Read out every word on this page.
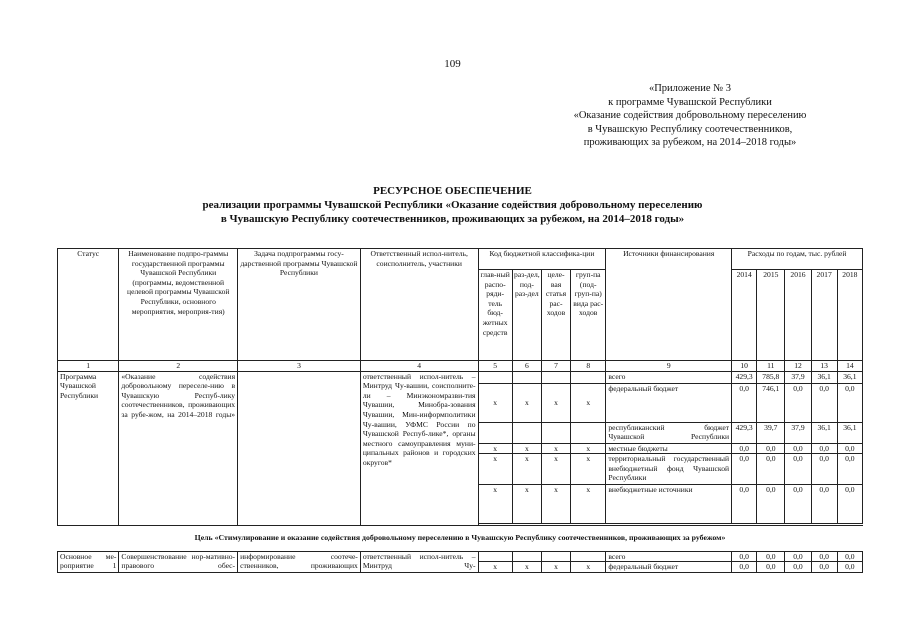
109
«Приложение № 3
к программе Чувашской Республики
«Оказание содействия добровольному переселению
в Чувашскую Республику соотечественников,
проживающих за рубежом, на 2014–2018 годы»
РЕСУРСНОЕ ОБЕСПЕЧЕНИЕ
реализации программы Чувашской Республики «Оказание содействия добровольному переселению
в Чувашскую Республику соотечественников, проживающих за рубежом, на 2014–2018 годы»
Статус	Наименование подпро-граммы государственной программы Чувашской Республики (программы, ведомственной целевой программы Чувашской Республики, основного мероприятия, мероприя-тия)	Задача подпрограммы госу-дарственной программы Чувашской Республики	Ответственный испол-нитель, соисполнитель, участники	Код бюджетной классифика-ции				Источники финансирования	Расходы по годам, тыс. рублей				
				глав-ный распо-ряди-тель бюд-жетных средств	раз-дел, под-раз-дел	целе-вая статья рас-ходов	груп-па (под-груп-па) вида рас-ходов		2014	2015	2016	2017	2018
1	2	3	4	5	6	7	8	9	10	11	12	13	14
Программа Чувашской Республики	«Оказание содействия добровольному переселе-нию в Чувашскую Респуб-лику соотечественников, проживающих за рубе-жом, на 2014–2018 годы»		ответственный испол-нитель – Минтруд Чу-вашии, соисполните-ли – Минэкономразви-тия Чувашии, Минобра-зования Чувашии, Мин-информполитики Чу-вашии, УФМС России по Чувашской Респуб-лике*, органы местного самоуправления муни-ципальных районов и городских округов*					всего	429,3	785,8	37,9	36,1	36,1
				х	х	х	х	федеральный бюджет	0,0	746,1	0,0	0,0	0,0
								республиканский бюджет Чувашской Республики	429,3	39,7	37,9	36,1	36,1
				х	х	х	х	местные бюджеты	0,0	0,0	0,0	0,0	0,0
				х	х	х	х	территориальный государственный внебюджетный фонд Чувашской Республики	0,0	0,0	0,0	0,0	0,0
				х	х	х	х	внебюджетные источники	0,0	0,0	0,0	0,0	0,0

Цель «Стимулирование и оказание содействия добровольному переселению в Чувашскую Республику соотечественников, проживающих за рубежом»													
Основное ме-роприятие 1	Совершенствование нор-мативно-правового обес-	информирование соотече-ственников, проживающих	ответственный испол-нитель – Минтруд Чу-					всего	0,0	0,0	0,0	0,0	0,0
				х	х	х	х	федеральный бюджет	0,0	0,0	0,0	0,0	0,0
